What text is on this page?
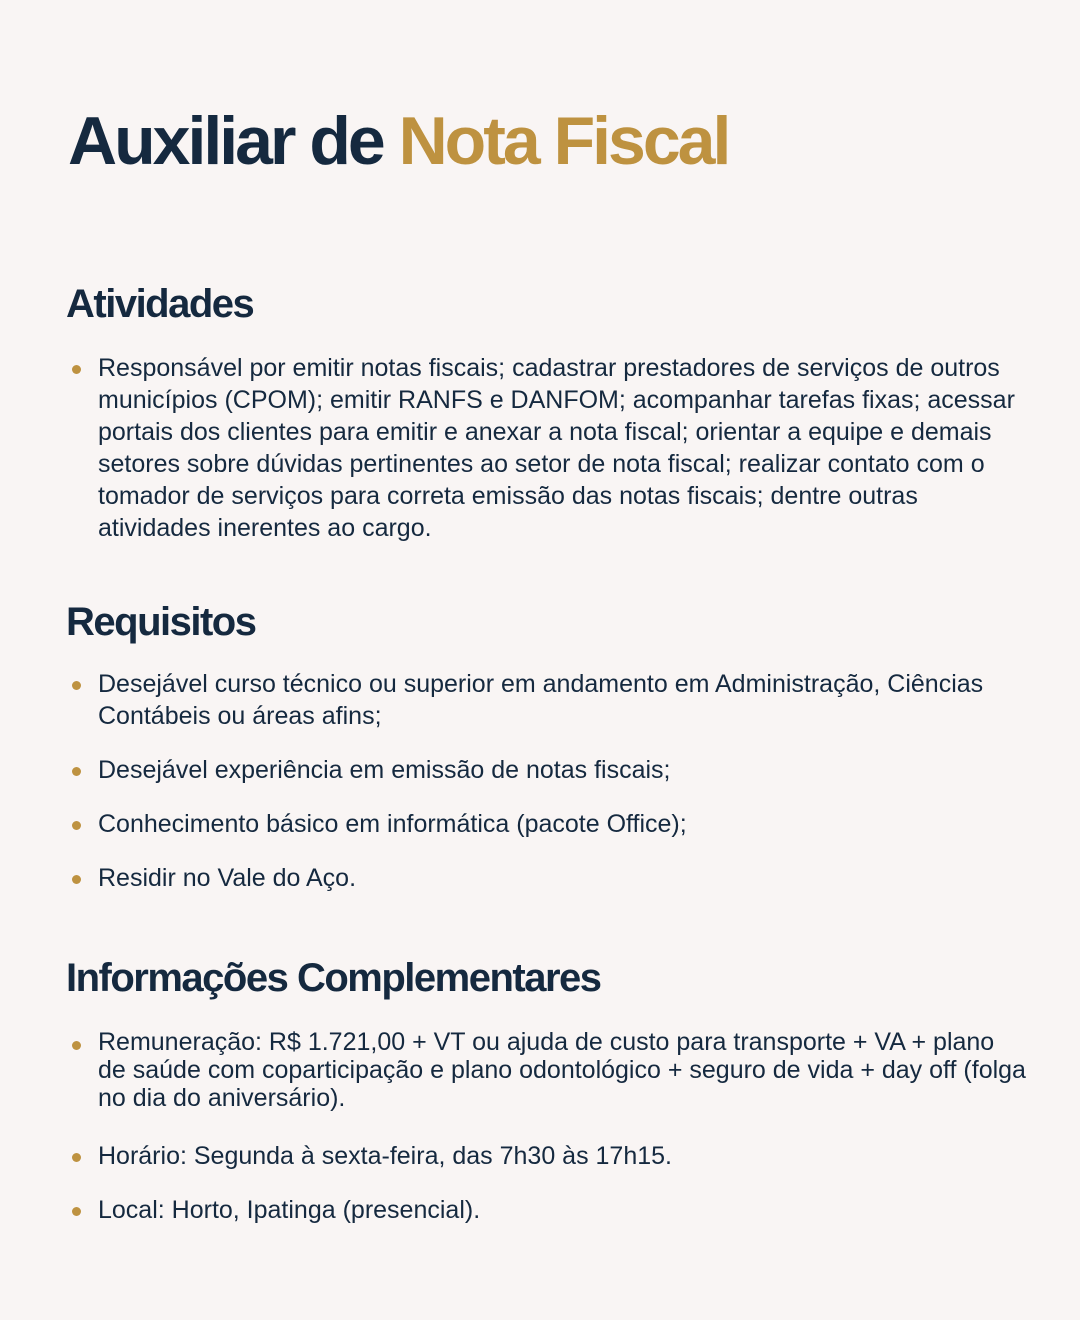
Auxiliar de Nota Fiscal
Atividades
Responsável por emitir notas fiscais; cadastrar prestadores de serviços de outros municípios (CPOM); emitir RANFS e DANFOM; acompanhar tarefas fixas; acessar portais dos clientes para emitir e anexar a nota fiscal; orientar a equipe e demais setores sobre dúvidas pertinentes ao setor de nota fiscal; realizar contato com o tomador de serviços para correta emissão das notas fiscais; dentre outras atividades inerentes ao cargo.
Requisitos
Desejável curso técnico ou superior em andamento em Administração, Ciências Contábeis ou áreas afins;
Desejável experiência em emissão de notas fiscais;
Conhecimento básico em informática (pacote Office);
Residir no Vale do Aço.
Informações Complementares
Remuneração: R$ 1.721,00 + VT ou ajuda de custo para transporte + VA + plano de saúde com coparticipação e plano odontológico + seguro de vida + day off (folga no dia do aniversário).
Horário: Segunda à sexta-feira, das 7h30 às 17h15.
Local: Horto, Ipatinga (presencial).
